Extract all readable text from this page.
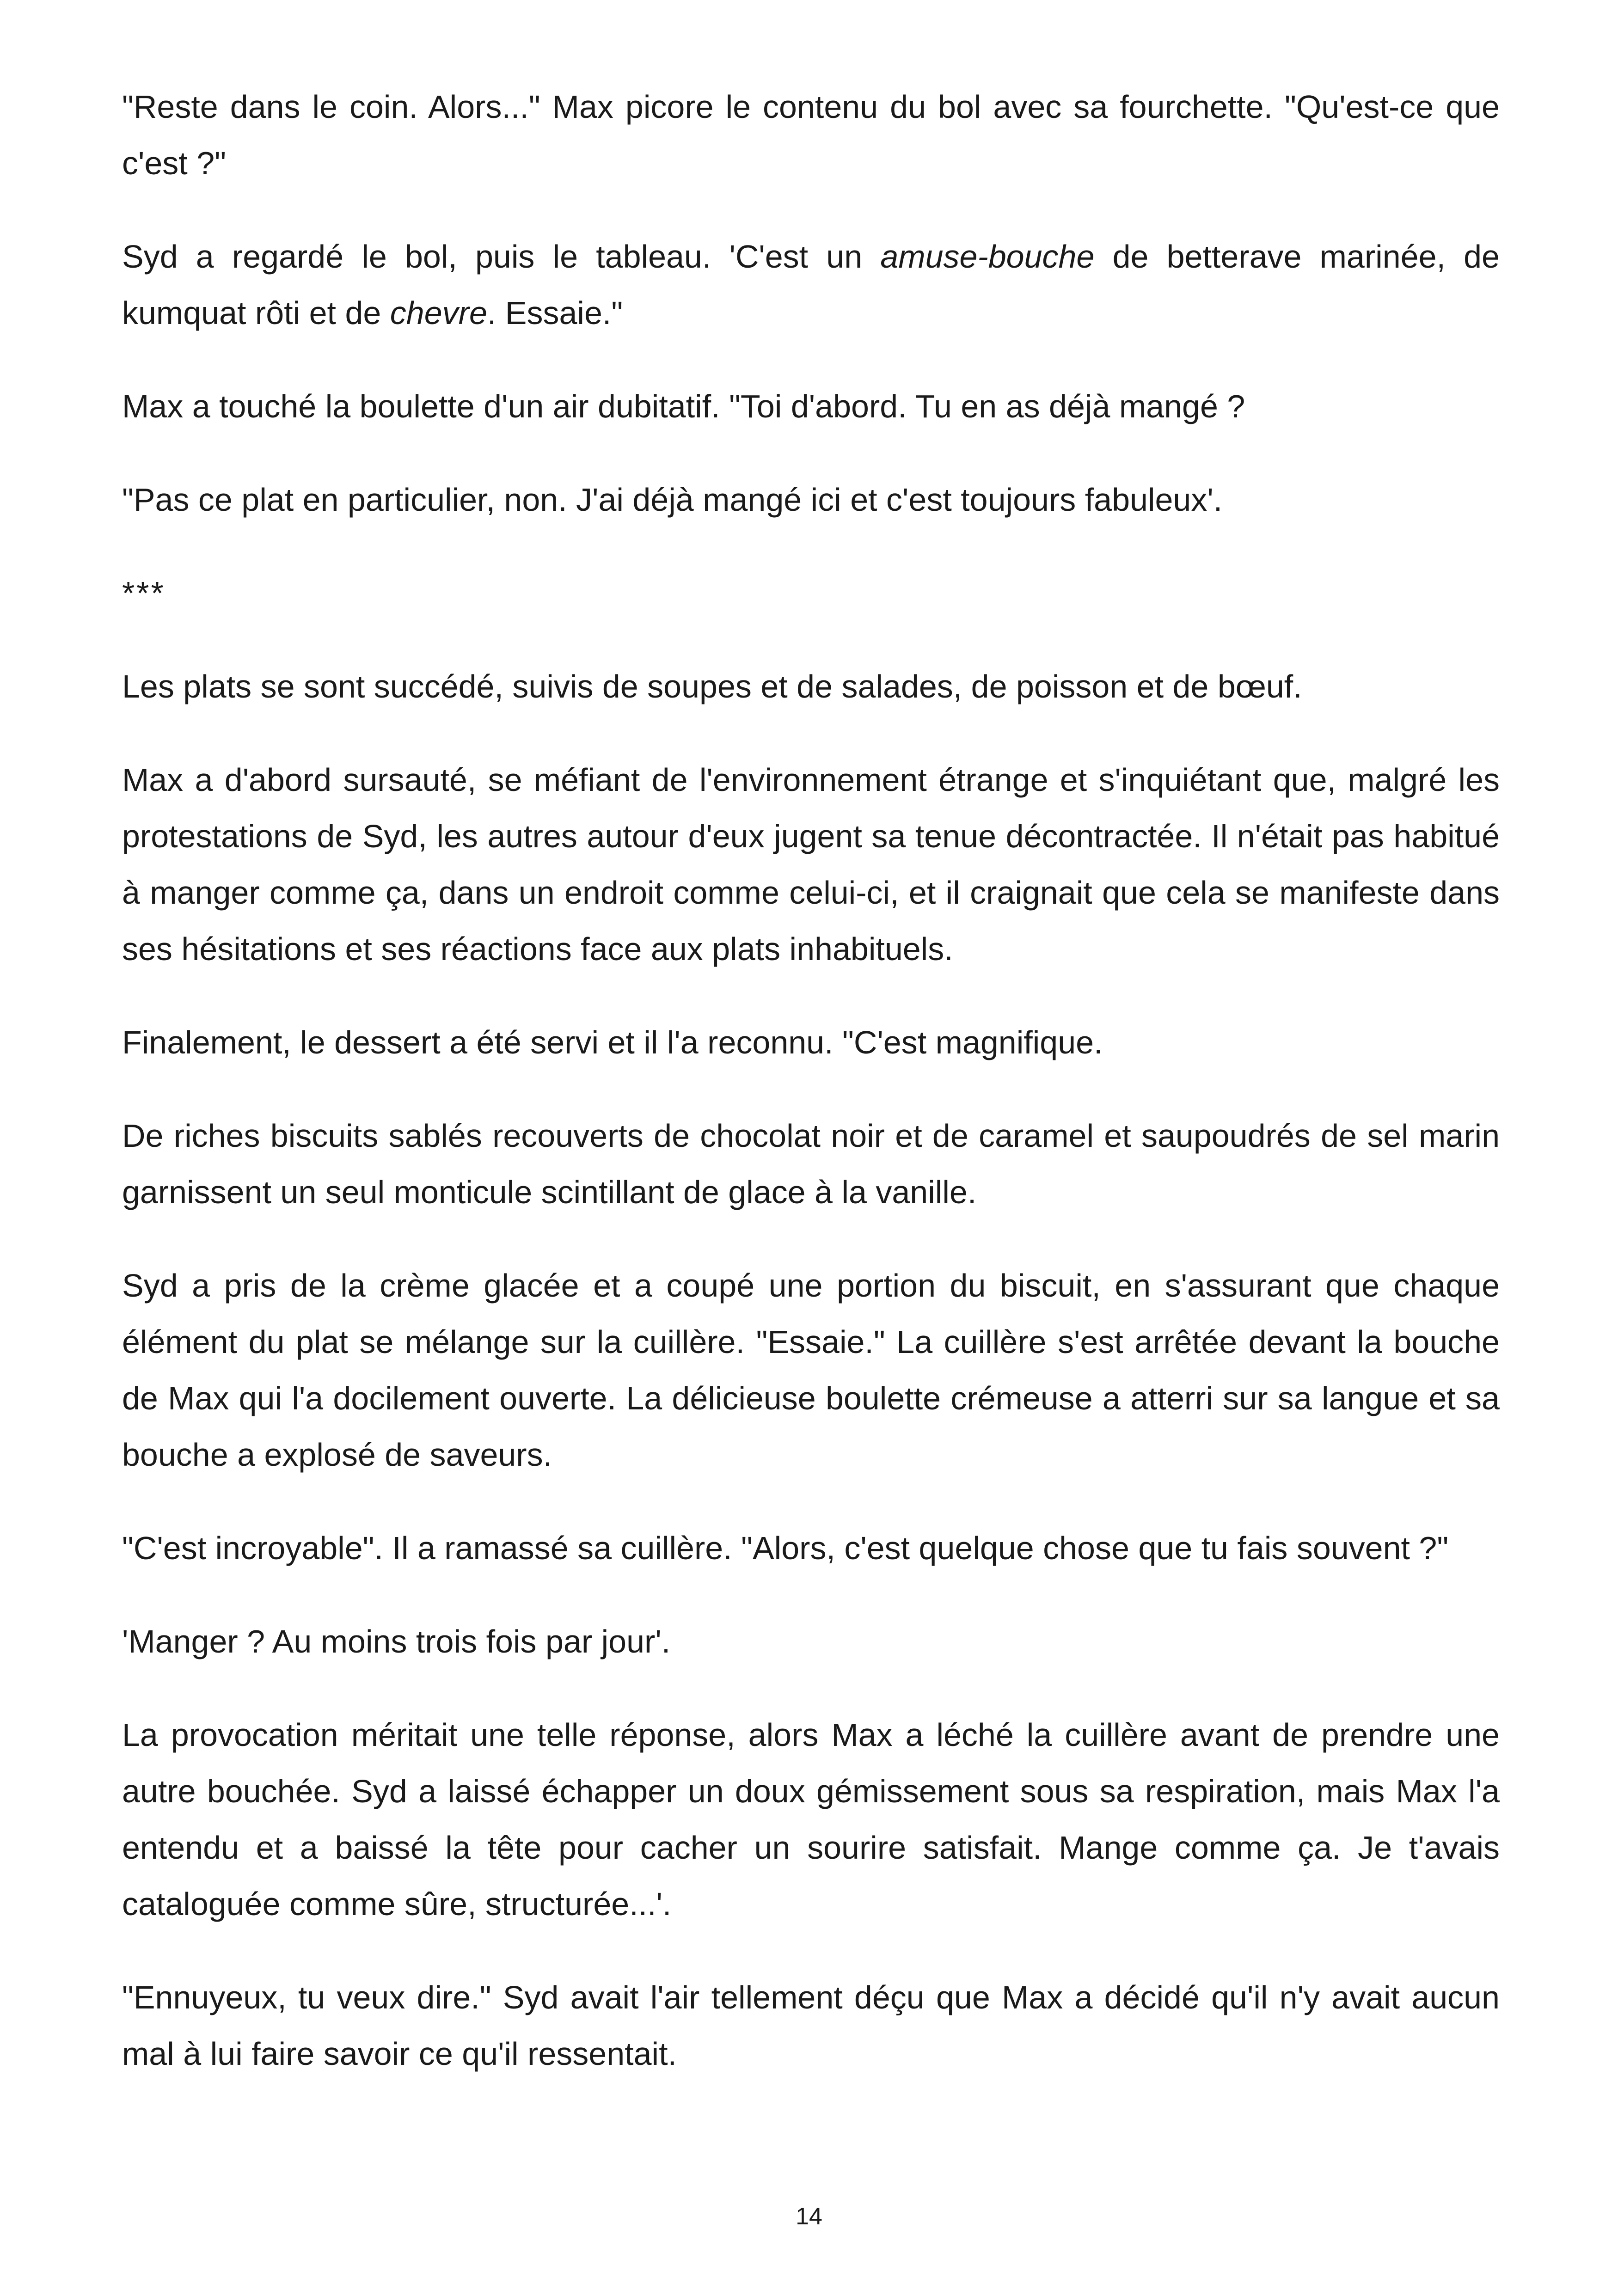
"Reste dans le coin. Alors..." Max picore le contenu du bol avec sa fourchette. "Qu'est-ce que c'est ?"

Syd a regardé le bol, puis le tableau. 'C'est un amuse-bouche de betterave marinée, de kumquat rôti et de chevre. Essaie."

Max a touché la boulette d'un air dubitatif. "Toi d'abord. Tu en as déjà mangé ?

"Pas ce plat en particulier, non. J'ai déjà mangé ici et c'est toujours fabuleux'.

***

Les plats se sont succédé, suivis de soupes et de salades, de poisson et de bœuf.

Max a d'abord sursauté, se méfiant de l'environnement étrange et s'inquiétant que, malgré les protestations de Syd, les autres autour d'eux jugent sa tenue décontractée. Il n'était pas habitué à manger comme ça, dans un endroit comme celui-ci, et il craignait que cela se manifeste dans ses hésitations et ses réactions face aux plats inhabituels.

Finalement, le dessert a été servi et il l'a reconnu. "C'est magnifique.

De riches biscuits sablés recouverts de chocolat noir et de caramel et saupoudrés de sel marin garnissent un seul monticule scintillant de glace à la vanille.

Syd a pris de la crème glacée et a coupé une portion du biscuit, en s'assurant que chaque élément du plat se mélange sur la cuillère. "Essaie." La cuillère s'est arrêtée devant la bouche de Max qui l'a docilement ouverte. La délicieuse boulette crémeuse a atterri sur sa langue et sa bouche a explosé de saveurs.

"C'est incroyable". Il a ramassé sa cuillère. "Alors, c'est quelque chose que tu fais souvent ?"

'Manger ? Au moins trois fois par jour'.

La provocation méritait une telle réponse, alors Max a léché la cuillère avant de prendre une autre bouchée. Syd a laissé échapper un doux gémissement sous sa respiration, mais Max l'a entendu et a baissé la tête pour cacher un sourire satisfait. Mange comme ça. Je t'avais cataloguée comme sûre, structurée...'.

"Ennuyeux, tu veux dire." Syd avait l'air tellement déçu que Max a décidé qu'il n'y avait aucun mal à lui faire savoir ce qu'il ressentait.

14
